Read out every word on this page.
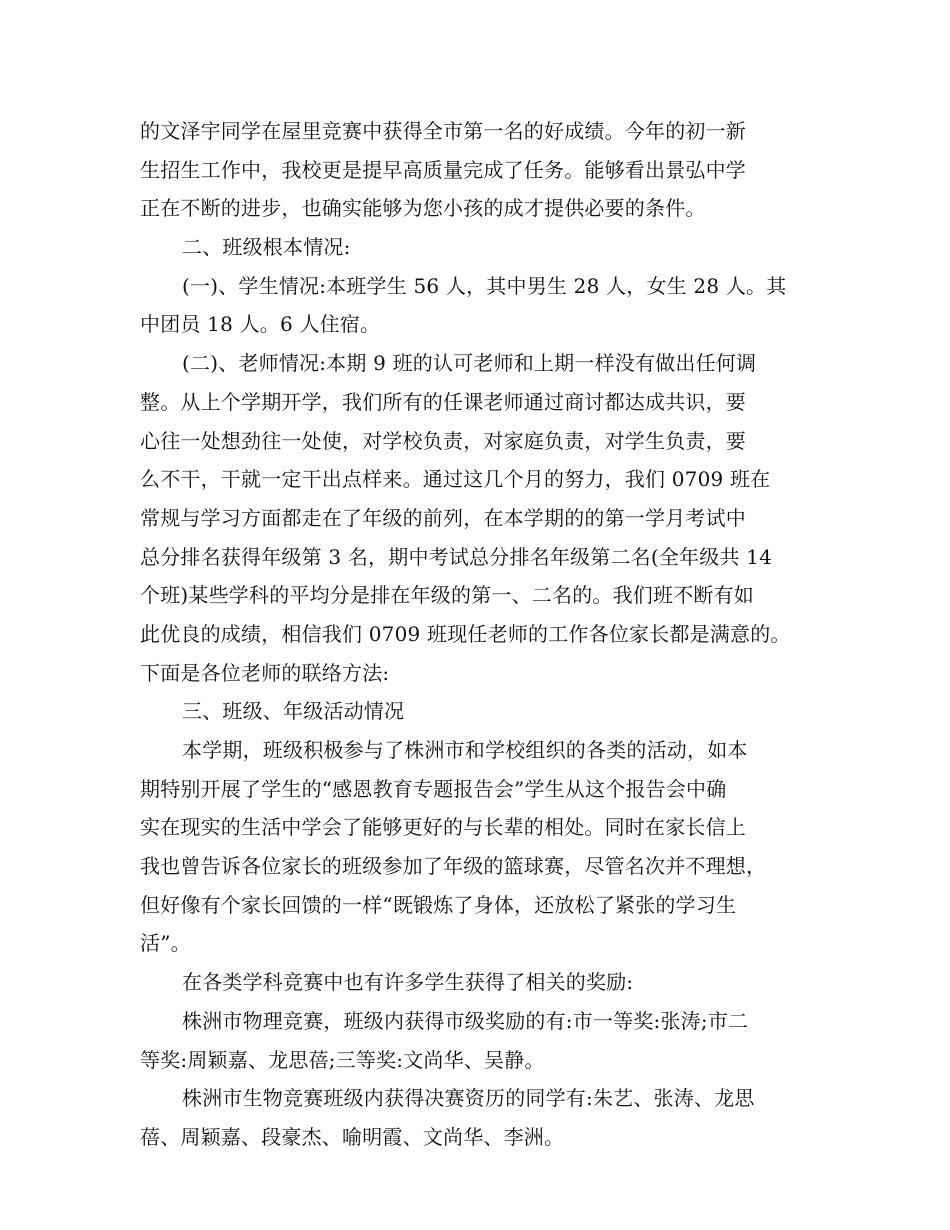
的文泽宇同学在屋里竞赛中获得全市第一名的好成绩。今年的初一新
生招生工作中，我校更是提早高质量完成了任务。能够看出景弘中学
正在不断的进步，也确实能够为您小孩的成才提供必要的条件。
二、班级根本情况:
(一)、学生情况:本班学生 56 人，其中男生 28 人，女生 28 人。其
中团员 18 人。6 人住宿。
(二)、老师情况:本期 9 班的认可老师和上期一样没有做出任何调
整。从上个学期开学，我们所有的任课老师通过商讨都达成共识，要
心往一处想劲往一处使，对学校负责，对家庭负责，对学生负责，要
么不干，干就一定干出点样来。通过这几个月的努力，我们 0709 班在
常规与学习方面都走在了年级的前列，在本学期的的第一学月考试中
总分排名获得年级第 3 名，期中考试总分排名年级第二名(全年级共 14
个班)某些学科的平均分是排在年级的第一、二名的。我们班不断有如
此优良的成绩，相信我们 0709 班现任老师的工作各位家长都是满意的。
下面是各位老师的联络方法:
三、班级、年级活动情况
本学期，班级积极参与了株洲市和学校组织的各类的活动，如本
期特别开展了学生的“感恩教育专题报告会”学生从这个报告会中确
实在现实的生活中学会了能够更好的与长辈的相处。同时在家长信上
我也曾告诉各位家长的班级参加了年级的篮球赛，尽管名次并不理想，
但好像有个家长回馈的一样“既锻炼了身体，还放松了紧张的学习生
活”。
在各类学科竞赛中也有许多学生获得了相关的奖励:
株洲市物理竞赛，班级内获得市级奖励的有:市一等奖:张涛;市二
等奖:周颖嘉、龙思蓓;三等奖:文尚华、吴静。
株洲市生物竞赛班级内获得决赛资历的同学有:朱艺、张涛、龙思
蓓、周颖嘉、段豪杰、喻明霞、文尚华、李洲。
